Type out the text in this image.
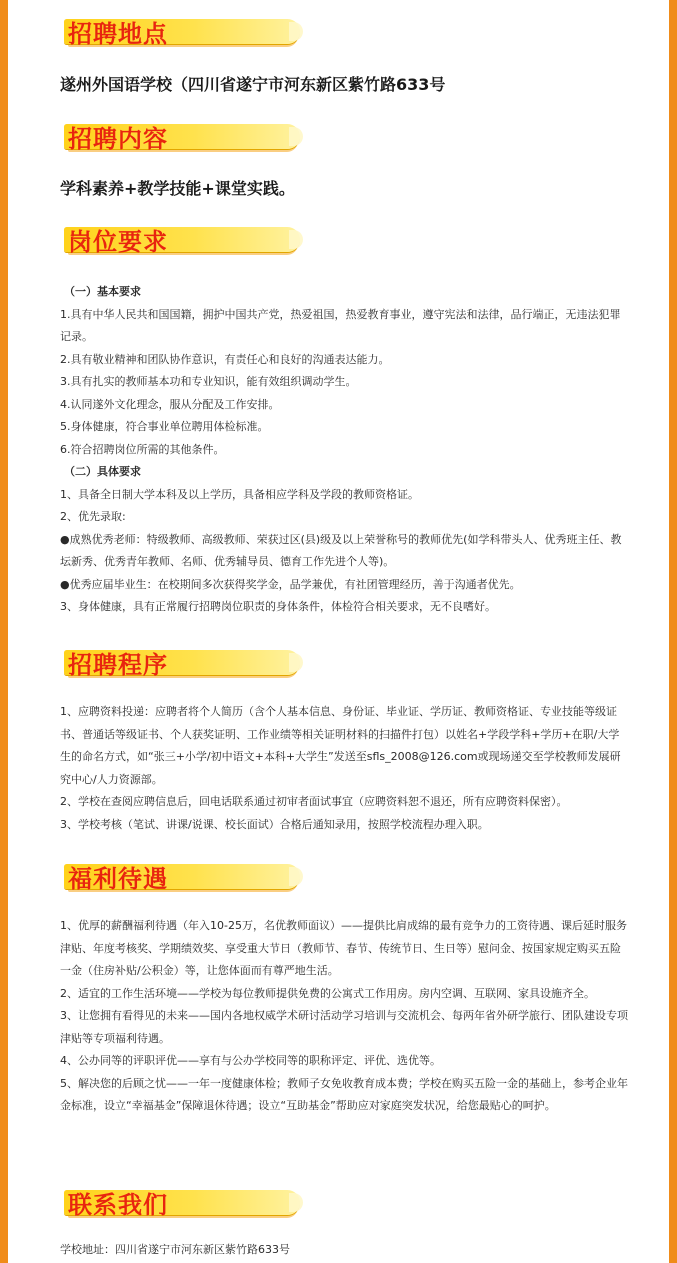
招聘地点
遂州外国语学校（四川省遂宁市河东新区紫竹路633号
招聘内容
学科素养+教学技能+课堂实践。
岗位要求

（一）基本要求

1.具有中华人民共和国国籍，拥护中国共产党，热爱祖国，热爱教育事业，遵守宪法和法律，品行端正，无违法犯罪记录。

2.具有敬业精神和团队协作意识，有责任心和良好的沟通表达能力。

3.具有扎实的教师基本功和专业知识，能有效组织调动学生。

4.认同遂外文化理念，服从分配及工作安排。

5.身体健康，符合事业单位聘用体检标准。

6.符合招聘岗位所需的其他条件。

（二）具体要求

1、具备全日制大学本科及以上学历，具备相应学科及学段的教师资格证。

2、优先录取:

●成熟优秀老师：特级教师、高级教师、荣获过区(县)级及以上荣誉称号的教师优先(如学科带头人、优秀班主任、教坛新秀、优秀青年教师、名师、优秀辅导员、德育工作先进个人等)。

●优秀应届毕业生：在校期间多次获得奖学金，品学兼优，有社团管理经历，善于沟通者优先。

3、身体健康，具有正常履行招聘岗位职责的身体条件，体检符合相关要求，无不良嗜好。

招聘程序

1、应聘资料投递：应聘者将个人简历（含个人基本信息、身份证、毕业证、学历证、教师资格证、专业技能等级证书、普通话等级证书、个人获奖证明、工作业绩等相关证明材料的扫描件打包）以姓名+学段学科+学历+在职/大学生的命名方式，如“张三+小学/初中语文+本科+大学生”发送至sfls_2008@126.com或现场递交至学校教师发展研究中心/人力资源部。

2、学校在查阅应聘信息后，回电话联系通过初审者面试事宜（应聘资料恕不退还，所有应聘资料保密）。

3、学校考核（笔试、讲课/说课、校长面试）合格后通知录用，按照学校流程办理入职。

福利待遇

1、优厚的薪酬福利待遇（年入10-25万，名优教师面议）——提供比肩成绵的最有竞争力的工资待遇、课后延时服务津贴、年度考核奖、学期绩效奖、享受重大节日（教师节、春节、传统节日、生日等）慰问金、按国家规定购买五险一金（住房补贴/公积金）等，让您体面而有尊严地生活。

2、适宜的工作生活环境——学校为每位教师提供免费的公寓式工作用房。房内空调、互联网、家具设施齐全。

3、让您拥有看得见的未来——国内各地权威学术研讨活动学习培训与交流机会、每两年省外研学旅行、团队建设专项津贴等专项福利待遇。

4、公办同等的评职评优——享有与公办学校同等的职称评定、评优、选优等。

5、解决您的后顾之忧——一年一度健康体检；教师子女免收教育成本费；学校在购买五险一金的基础上，参考企业年金标准，设立“幸福基金”保障退休待遇；设立“互助基金”帮助应对家庭突发状况，给您最贴心的呵护。

联系我们
学校地址：四川省遂宁市河东新区紫竹路633号
